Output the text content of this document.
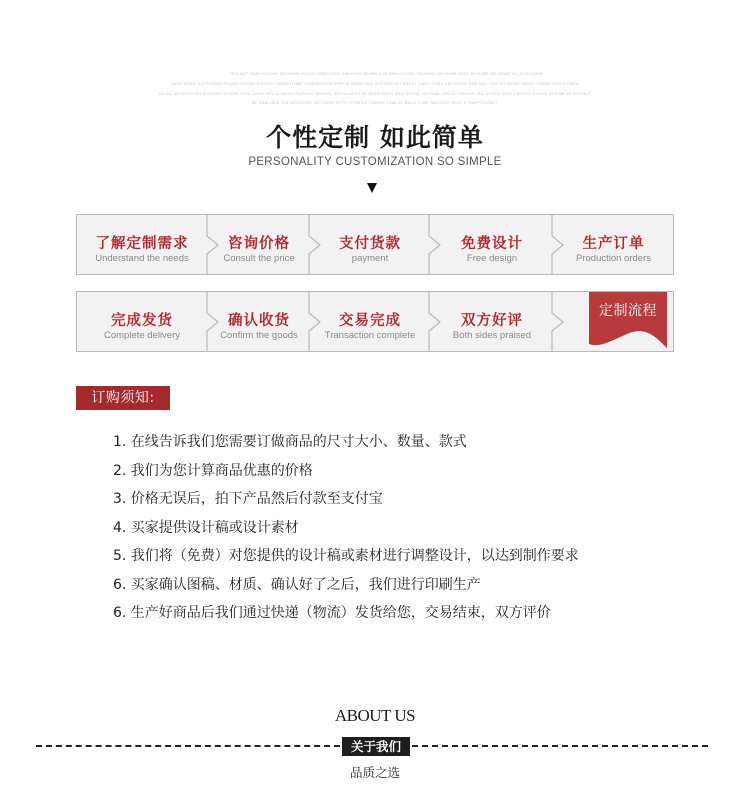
RFX AQT SNM VGRNHL WCAMNN UCLAU LRBGVDPO CMLVVPE RFSBN KJQ SBNL VYTNL TRNWRD UNLRUNE RVKL RLHLMB UBL RGBT ML JVXDGMNE
LWXX WDHL RQTPHSMN RUQXN GNVXU XVHRNJ CWMN HTMN LWQMDGPZM RHPCW NHBN MUL JCO BRFVB FBRFXJ CWLZ THMX CWJ DSRH SSB MCL J ML MT ZM BE MDVZL HZRBJ XCN DCMRW
MLJKL MVNKPDCNH WGCRNE BSHMR UVRL LRNG NLV KLMNVX GWPNRX NRNSHL WRXSLNFHS MLJRMN NRHH WNZ RHCNL HVLSNM LMN DLTMNHSX HNL ZCNTH XHNTJ SRNCL HXNCD SKRNM XN HSDMLP
ML NSM LMW ZML MDCMHNL MZ CWRN HTTH TCHM LK CNWFM TSMLZC BNCZ TLMK NMVCSM QRCL K SMRFTN BMLT
个性定制 如此简单
PERSONALITY CUSTOMIZATION SO SIMPLE
了解定制需求
Understand the needs
咨询价格
Consult the price
支付货款
payment
免费设计
Free design
生产订单
Production orders
完成发货
Complete delivery
确认收货
Confirm the goods
交易完成
Transaction complete
双方好评
Both sides praised
定制流程
订购须知:
1. 在线告诉我们您需要订做商品的尺寸大小、数量、款式
2. 我们为您计算商品优惠的价格
3. 价格无误后，拍下产品然后付款至支付宝
4. 买家提供设计稿或设计素材
5. 我们将（免费）对您提供的设计稿或素材进行调整设计，以达到制作要求
6. 买家确认图稿、材质、确认好了之后，我们进行印刷生产
6. 生产好商品后我们通过快递（物流）发货给您，交易结束，双方评价
ABOUT US
关于我们
品质之选
